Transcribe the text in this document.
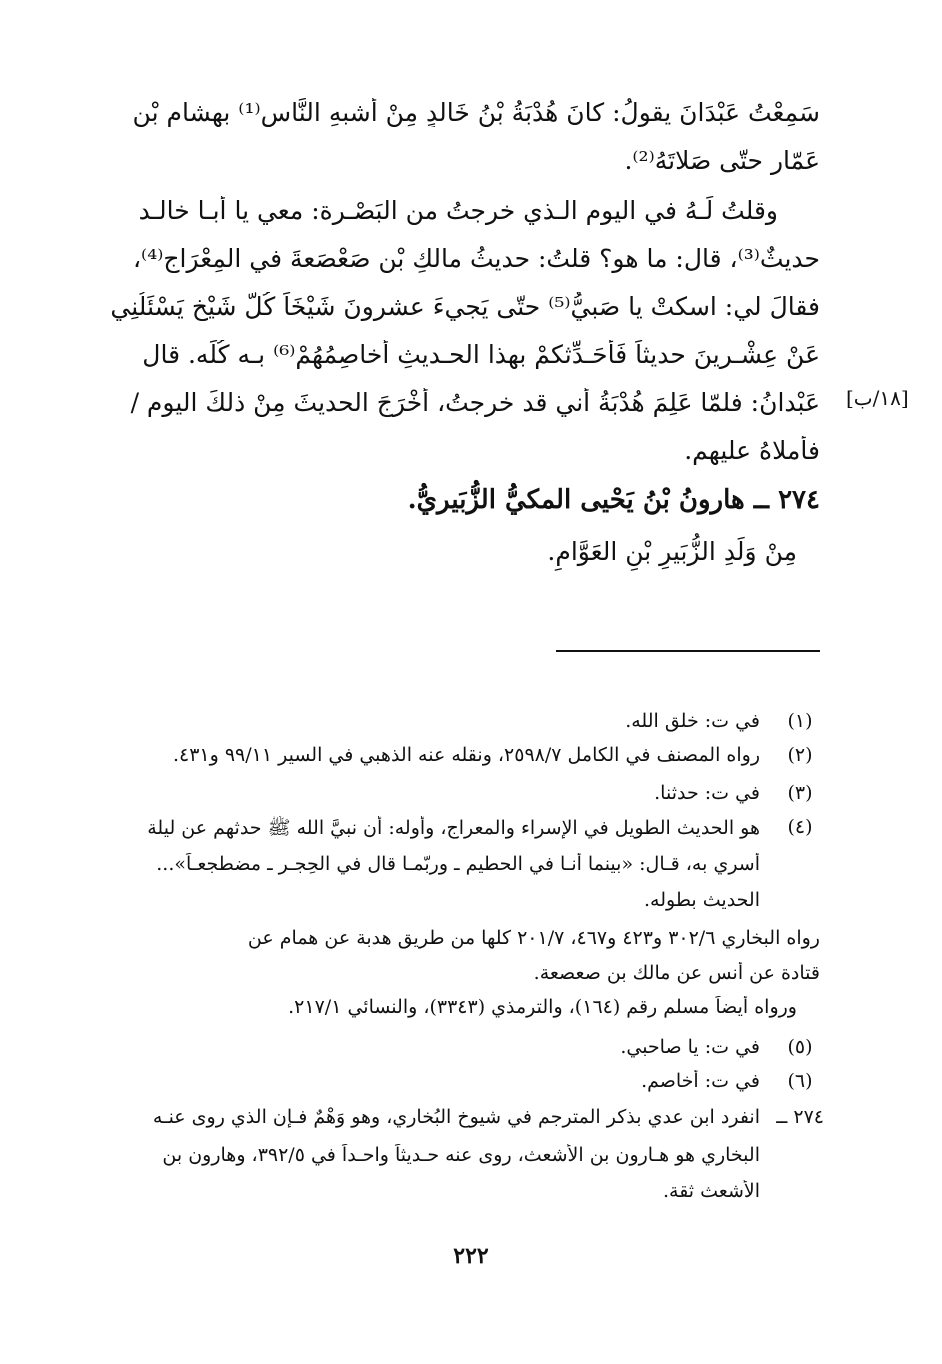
سَمِعْتُ عَبْدَانَ يقولُ: كانَ هُدْبَةُ بْنُ خَالدٍ مِنْ أَشبهِ النَّاسِ⁽¹⁾ بهِشامِ بْنِ
عَمّارٍ حتّى صَلاتَهُ⁽²⁾.
وقلتُ لَـهُ في اليوم الـذي خرجتُ من البَصْـرة: معي يا أبـا خالـد
حديثٌ⁽³⁾، قال: ما هو؟ قلتُ: حديثُ مالكِ بْنِ صَعْصَعةَ في المِعْرَاجِ⁽⁴⁾،
فقالَ لي: اسكتْ يا صَبيُّ⁽⁵⁾ حتّى يَجيءَ عشرونَ شَيْخَاً كُلُّ شَيْخٍ يَسْئَلُنِي
عَنْ عِشْـرِينَ حديثاً فَأُحَـدِّثكمْ بهذا الحـديثِ أُخاصِمُهُمْ⁽⁶⁾ بـه كُلِّه. قال
عَبْدانُ: فلمّا عَلِمَ هُدْبَةُ أني قد خرجتُ، أَخْرَجَ الحديثَ مِنْ ذلكَ اليومِ /
فأملاهُ عليهم.
[١٨/ب]
٢٧٤ ــ هارونُ بْنُ يَحْيى المكيُّ الزُّبَيريُّ.
مِنْ وَلَدِ الزُّبَيرِ بْنِ العَوَّامِ.
(١)
في ت: خلق الله.
(٢)
رواه المصنف في الكامل ٢٥٩٨/٧، ونقله عنه الذهبي في السير ٩٩/١١ و٤٣١.
(٣)
في ت: حدثنا.
(٤)
هو الحديث الطويل في الإسراء والمعراج، وأوله: أن نبيَّ الله ﷺ حدثهم عن ليلة
أُسري به، قـال: «بينما أنـا في الحطيم ـ وربّمـا قال في الحِجـر ـ مضطجعـاً»...
الحديث بطوله.
رواه البخاري ٣٠٢/٦ و٤٢٣ و٤٦٧، ٢٠١/٧ كلها من طريق هدبة عن همام عن
قتادة عن أنس عن مالك بن صعصعة.
ورواه أيضاً مسلم رقم (١٦٤)، والترمذي (٣٣٤٣)، والنسائي ٢١٧/١.
(٥)
في ت: يا صاحبي.
(٦)
في ت: أخاصم.
٢٧٤ ــ
انفرد ابن عدي بذكر المترجم في شيوخ البُخاري، وهو وَهْمٌ فـإن الذي روى عنـه
البخاري هو هـارون بن الأشعث، روى عنه حـديثاً واحـداً في ٣٩٢/٥، وهارون بن
الأشعث ثقة.
٢٢٢
